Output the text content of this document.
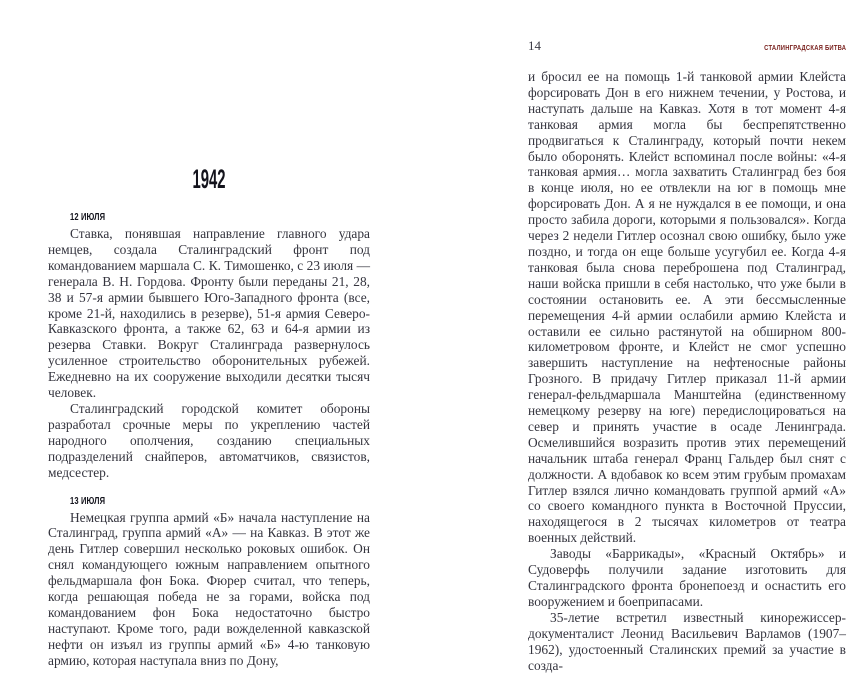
1942
12 ИЮЛЯ

Ставка, понявшая направление главного удара немцев, создала Сталинградский фронт под командованием маршала С. К. Тимошенко, с 23 июля — генерала В. Н. Гордова. Фронту были переданы 21, 28, 38 и 57-я армии бывшего Юго-Западного фронта (все, кроме 21-й, находились в резерве), 51-я армия Северо-Кавказского фронта, а также 62, 63 и 64-я армии из резерва Ставки. Вокруг Сталинграда развернулось усиленное строительство оборонительных рубежей. Ежедневно на их сооружение выходили десятки тысяч человек.

Сталинградский городской комитет обороны разработал срочные меры по укреплению частей народного ополчения, созданию специальных подразделений снайперов, автоматчиков, связистов, медсестер.

13 ИЮЛЯ

Немецкая группа армий «Б» начала наступление на Сталинград, группа армий «А» — на Кавказ. В этот же день Гитлер совершил несколько роковых ошибок. Он снял командующего южным направлением опытного фельдмаршала фон Бока. Фюрер считал, что теперь, когда решающая победа не за горами, войска под командованием фон Бока недостаточно быстро наступают. Кроме того, ради вожделенной кавказской нефти он изъял из группы армий «Б» 4-ю танковую армию, которая наступала вниз по Дону,

14	СТАЛИНГРАДСКАЯ БИТВА

и бросил ее на помощь 1-й танковой армии Клейста форсировать Дон в его нижнем течении, у Ростова, и наступать дальше на Кавказ. Хотя в тот момент 4-я танковая армия могла бы беспрепятственно продвигаться к Сталинграду, который почти некем было оборонять. Клейст вспоминал после войны: «4-я танковая армия… могла захватить Сталинград без боя в конце июля, но ее отвлекли на юг в помощь мне форсировать Дон. А я не нуждался в ее помощи, и она просто забила дороги, которыми я пользовался». Когда через 2 недели Гитлер осознал свою ошибку, было уже поздно, и тогда он еще больше усугубил ее. Когда 4-я танковая была снова переброшена под Сталинград, наши войска пришли в себя настолько, что уже были в состоянии остановить ее. А эти бессмысленные перемещения 4-й армии ослабили армию Клейста и оставили ее сильно растянутой на обширном 800-километровом фронте, и Клейст не смог успешно завершить наступление на нефтеносные районы Грозного. В придачу Гитлер приказал 11-й армии генерал-фельдмаршала Манштейна (единственному немецкому резерву на юге) передислоцироваться на север и принять участие в осаде Ленинграда. Осмелившийся возразить против этих перемещений начальник штаба генерал Франц Гальдер был снят с должности. А вдобавок ко всем этим грубым промахам Гитлер взялся лично командовать группой армий «А» со своего командного пункта в Восточной Пруссии, находящегося в 2 тысячах километров от театра военных действий.

Заводы «Баррикады», «Красный Октябрь» и Судоверфь получили задание изготовить для Сталинградского фронта бронепоезд и оснастить его вооружением и боеприпасами.

35-летие встретил известный кинорежиссер-документалист Леонид Васильевич Варламов (1907–1962), удостоенный Сталинских премий за участие в созда-
